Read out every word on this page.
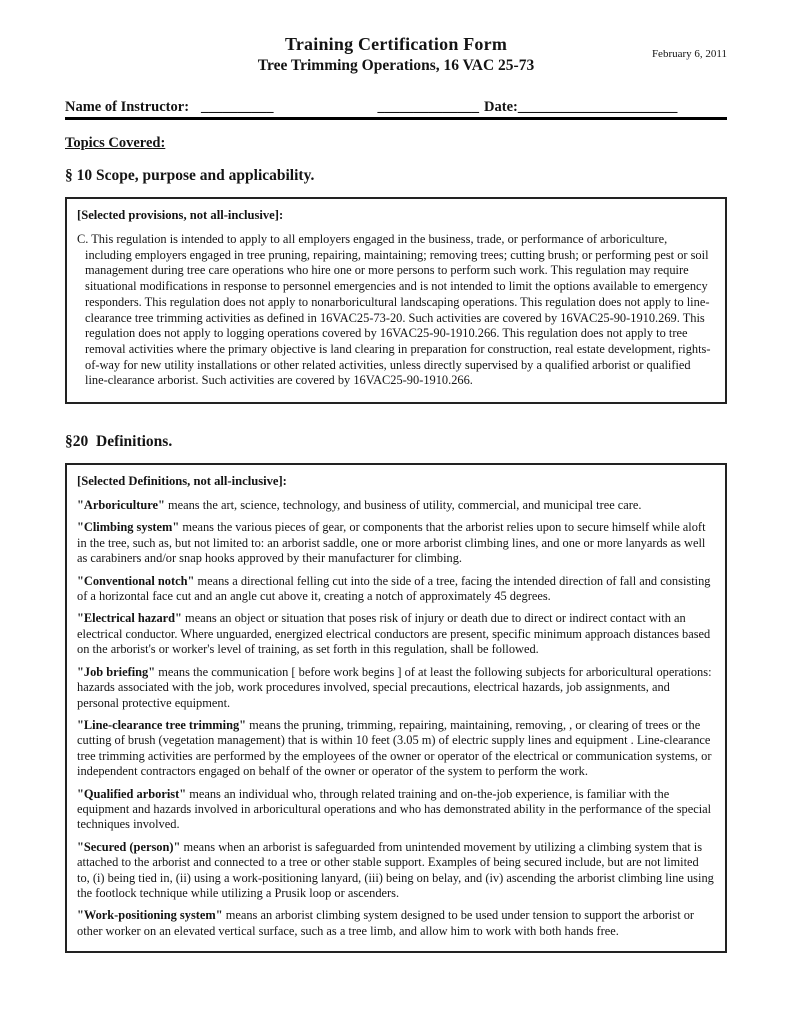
Training Certification Form
Tree Trimming Operations, 16 VAC 25-73
February 6, 2011
Name of Instructor: __________	______________ Date: ______________________
Topics Covered:
§ 10 Scope, purpose and applicability.
[Selected provisions, not all-inclusive]:
C. This regulation is intended to apply to all employers engaged in the business, trade, or performance of arboriculture, including employers engaged in tree pruning, repairing, maintaining; removing trees; cutting brush; or performing pest or soil management during tree care operations who hire one or more persons to perform such work. This regulation may require situational modifications in response to personnel emergencies and is not intended to limit the options available to emergency responders. This regulation does not apply to nonarboricultural landscaping operations. This regulation does not apply to line-clearance tree trimming activities as defined in 16VAC25-73-20. Such activities are covered by 16VAC25-90-1910.269. This regulation does not apply to logging operations covered by 16VAC25-90-1910.266. This regulation does not apply to tree removal activities where the primary objective is land clearing in preparation for construction, real estate development, rights-of-way for new utility installations or other related activities, unless directly supervised by a qualified arborist or qualified line-clearance arborist. Such activities are covered by 16VAC25-90-1910.266.
§20  Definitions.
[Selected Definitions, not all-inclusive]:

"Arboriculture" means the art, science, technology, and business of utility, commercial, and municipal tree care.

"Climbing system" means the various pieces of gear, or components that the arborist relies upon to secure himself while aloft in the tree, such as, but not limited to: an arborist saddle, one or more arborist climbing lines, and one or more lanyards as well as carabiners and/or snap hooks approved by their manufacturer for climbing.

"Conventional notch" means a directional felling cut into the side of a tree, facing the intended direction of fall and consisting of a horizontal face cut and an angle cut above it, creating a notch of approximately 45 degrees.

"Electrical hazard" means an object or situation that poses risk of injury or death due to direct or indirect contact with an electrical conductor. Where unguarded, energized electrical conductors are present, specific minimum approach distances based on the arborist's or worker's level of training, as set forth in this regulation, shall be followed.

"Job briefing" means the communication [ before work begins ] of at least the following subjects for arboricultural operations: hazards associated with the job, work procedures involved, special precautions, electrical hazards, job assignments, and personal protective equipment.

"Line-clearance tree trimming" means the pruning, trimming, repairing, maintaining, removing, , or clearing of trees or the cutting of brush (vegetation management) that is within 10 feet (3.05 m) of electric supply lines and equipment . Line-clearance tree trimming activities are performed by the employees of the owner or operator of the electrical or communication systems, or independent contractors engaged on behalf of the owner or operator of the system to perform the work.

"Qualified arborist" means an individual who, through related training and on-the-job experience, is familiar with the equipment and hazards involved in arboricultural operations and who has demonstrated ability in the performance of the special techniques involved.

"Secured (person)" means when an arborist is safeguarded from unintended movement by utilizing a climbing system that is attached to the arborist and connected to a tree or other stable support. Examples of being secured include, but are not limited to, (i) being tied in, (ii) using a work-positioning lanyard, (iii) being on belay, and (iv) ascending the arborist climbing line using the footlock technique while utilizing a Prusik loop or ascenders.

"Work-positioning system" means an arborist climbing system designed to be used under tension to support the arborist or other worker on an elevated vertical surface, such as a tree limb, and allow him to work with both hands free.
